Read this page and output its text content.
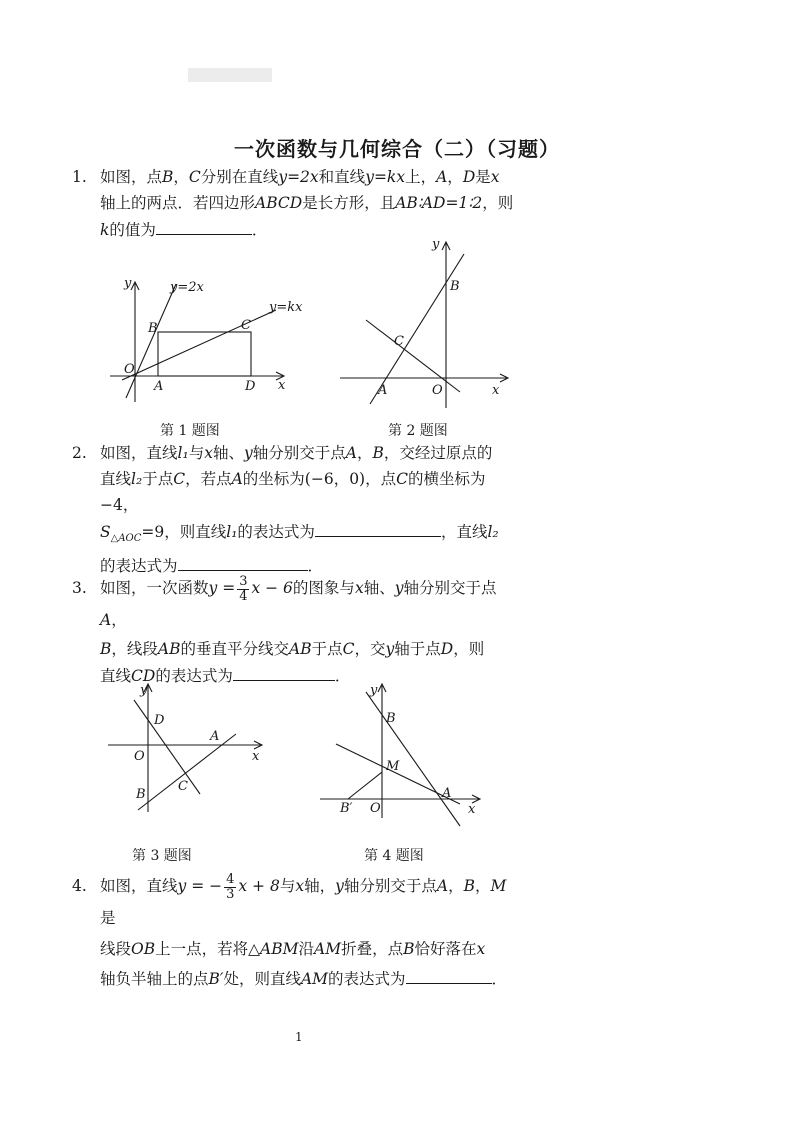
一次函数与几何综合（二）（习题）
1. 如图，点B，C分别在直线y=2x和直线y=kx上，A，D是x
轴上的两点．若四边形ABCD是长方形，且AB∶AD=1∶2，则
k的值为	．
y	y=2x
y=kx
B	C
O
A	D x
第 1 题图
y
B
C
A	O	x
第 2 题图
2. 如图，直线l₁与x轴、y轴分别交于点A，B，交经过原点的
直线l₂于点C，若点A的坐标为(−6，0)，点C的横坐标为−4，
$S_{\triangle AOC}=9$，则直线l₁的表达式为	，直线l₂
的表达式为	．
3. 如图，一次函数$y = \frac{3}{4}$ x − 6的图象与x轴、y轴分别交于点A，
B，线段AB的垂直平分线交AB于点C，交y轴于点D，则
直线CD的表达式为	．
y
D
A
O	x
C
B
第 3 题图
y
B
M
A
B′ O	x
第 4 题图
4. 如图，直线y = − $\frac{4}{3}$ x + 8与x轴，y轴分别交于点A，B，M是
线段OB上一点，若将△ABM沿AM折叠，点B恰好落在x
轴负半轴上的点B′处，则直线AM的表达式为	．
1
